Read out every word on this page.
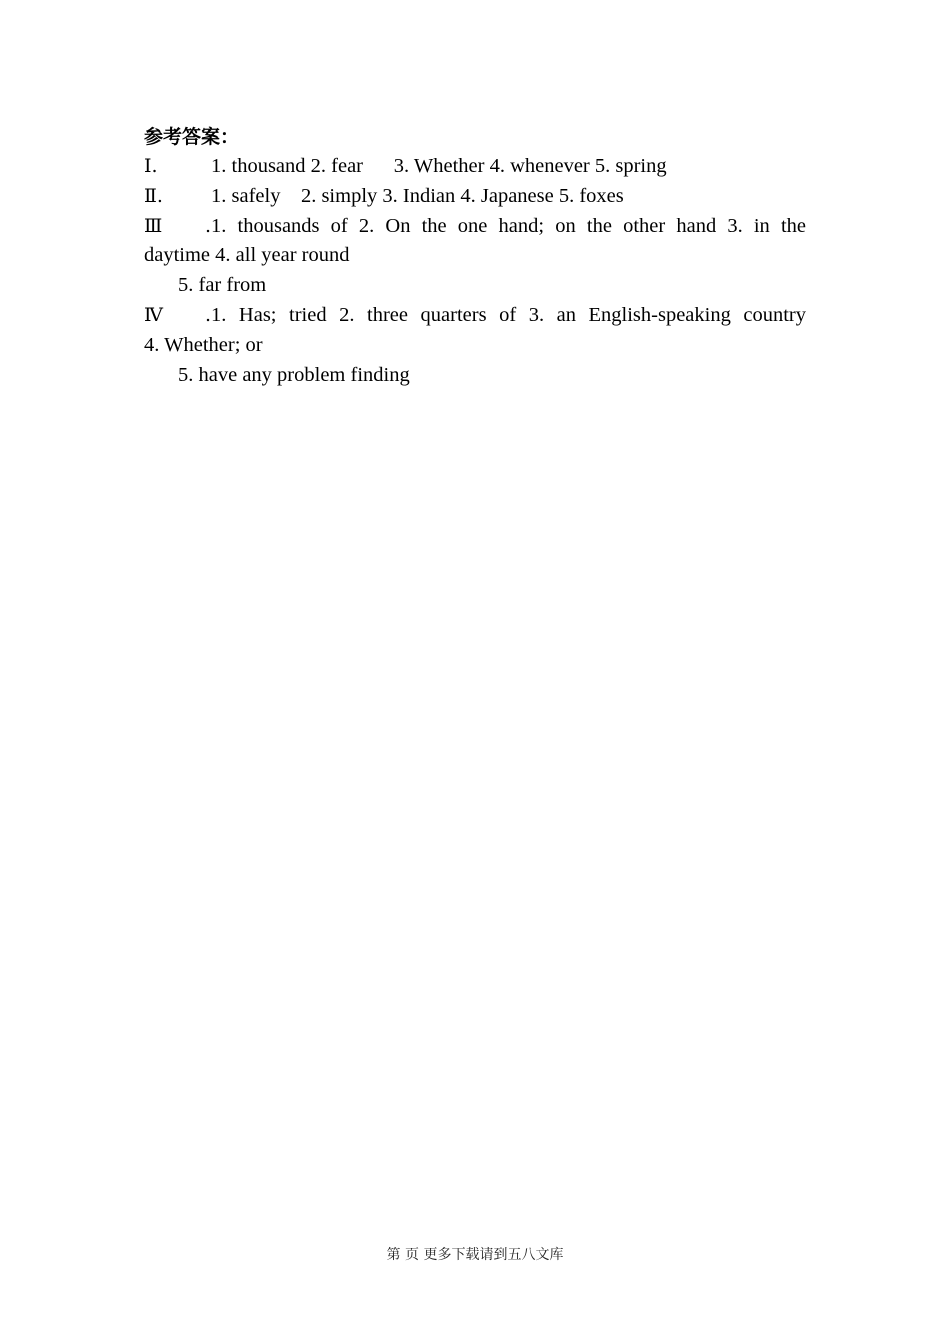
参考答案：
Ⅰ.	1. thousand 2. fear      3. Whether 4. whenever 5. spring
Ⅱ. 1. safely    2. simply 3. Indian 4. Japanese 5. foxes
Ⅲ.1. thousands of 2. On the one hand; on the other hand 3. in the
daytime 4. all year round
5. far from
Ⅳ.1. Has; tried 2. three quarters of 3. an English-speaking country
4. Whether; or
5. have any problem finding
第 页 更多下载请到五八文库
